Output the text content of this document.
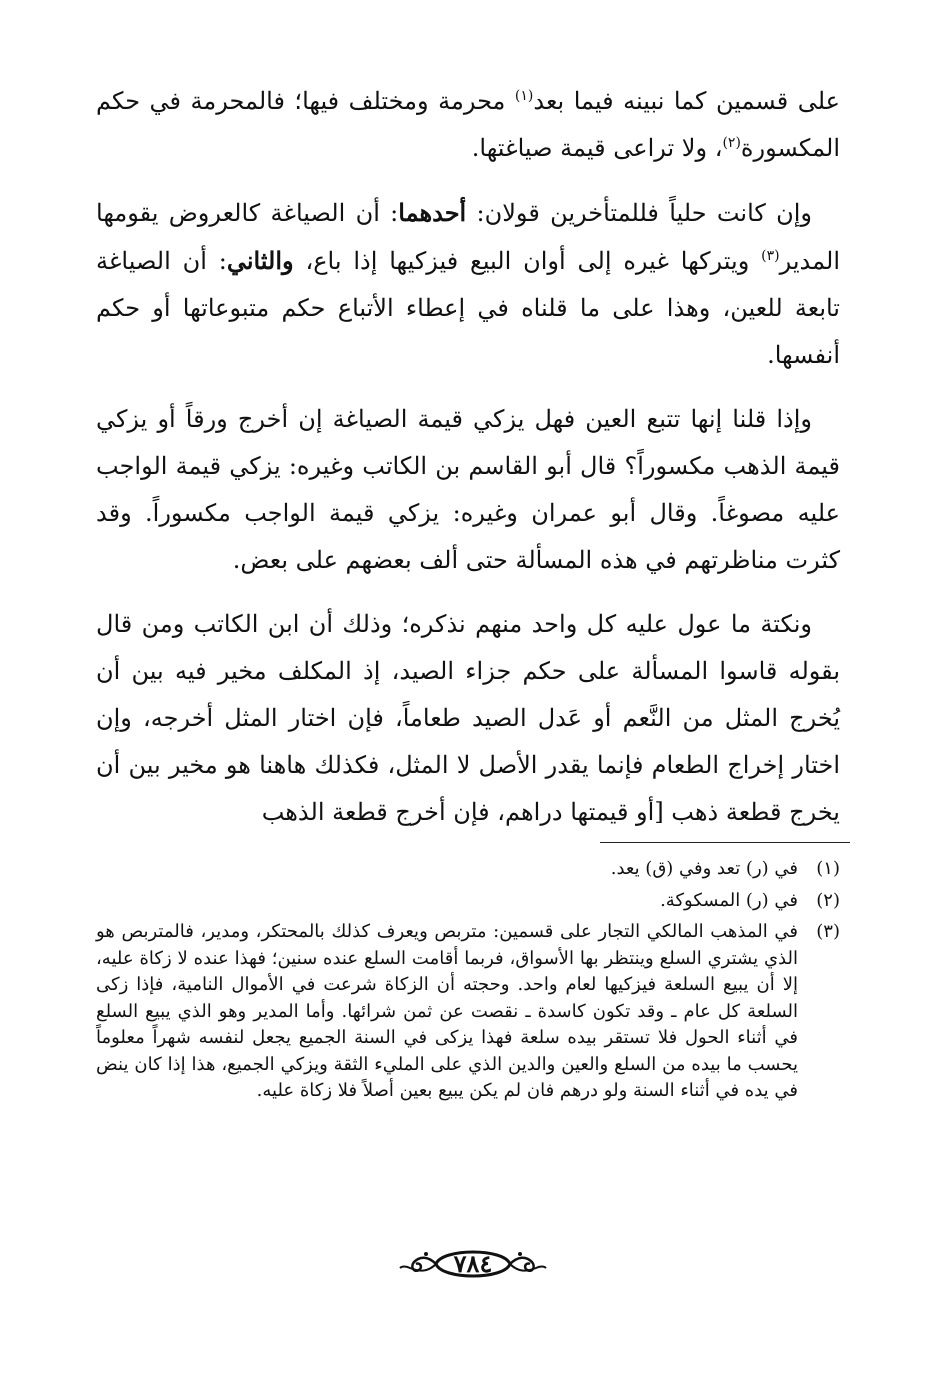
على قسمين كما نبينه فيما بعد$^{(١)}$ محرمة ومختلف فيها؛ فالمحرمة في حكم المكسورة$^{(٢)}$، ولا تراعى قيمة صياغتها.

وإن كانت حلياً فللمتأخرين قولان: أحدهما: أن الصياغة كالعروض يقومها المدير$^{(٣)}$ ويتركها غيره إلى أوان البيع فيزكيها إذا باع، والثاني: أن الصياغة تابعة للعين، وهذا على ما قلناه في إعطاء الأتباع حكم متبوعاتها أو حكم أنفسها.

وإذا قلنا إنها تتبع العين فهل يزكي قيمة الصياغة إن أخرج ورقاً أو يزكي قيمة الذهب مكسوراً؟ قال أبو القاسم بن الكاتب وغيره: يزكي قيمة الواجب عليه مصوغاً. وقال أبو عمران وغيره: يزكي قيمة الواجب مكسوراً. وقد كثرت مناظرتهم في هذه المسألة حتى ألف بعضهم على بعض.

ونكتة ما عول عليه كل واحد منهم نذكره؛ وذلك أن ابن الكاتب ومن قال بقوله قاسوا المسألة على حكم جزاء الصيد، إذ المكلف مخير فيه بين أن يُخرج المثل من النَّعم أو عَدل الصيد طعاماً، فإن اختار المثل أخرجه، وإن اختار إخراج الطعام فإنما يقدر الأصل لا المثل، فكذلك هاهنا هو مخير بين أن يخرج قطعة ذهب [أو قيمتها دراهم، فإن أخرج قطعة الذهب

(١)
في (ر) تعد وفي (ق) يعد.
(٢)
في (ر) المسكوكة.
(٣)
في المذهب المالكي التجار على قسمين: متربص ويعرف كذلك بالمحتكر، ومدير، فالمتربص هو الذي يشتري السلع وينتظر بها الأسواق، فربما أقامت السلع عنده سنين؛ فهذا عنده لا زكاة عليه، إلا أن يبيع السلعة فيزكيها لعام واحد. وحجته أن الزكاة شرعت في الأموال النامية، فإذا زكى السلعة كل عام ـ وقد تكون كاسدة ـ نقصت عن ثمن شرائها. وأما المدير وهو الذي يبيع السلع في أثناء الحول فلا تستقر بيده سلعة فهذا يزكى في السنة الجميع يجعل لنفسه شهراً معلوماً يحسب ما بيده من السلع والعين والدين الذي على المليء الثقة ويزكي الجميع، هذا إذا كان ينض في يده في أثناء السنة ولو درهم فان لم يكن يبيع بعين أصلاً فلا زكاة عليه.
٧٨٤
